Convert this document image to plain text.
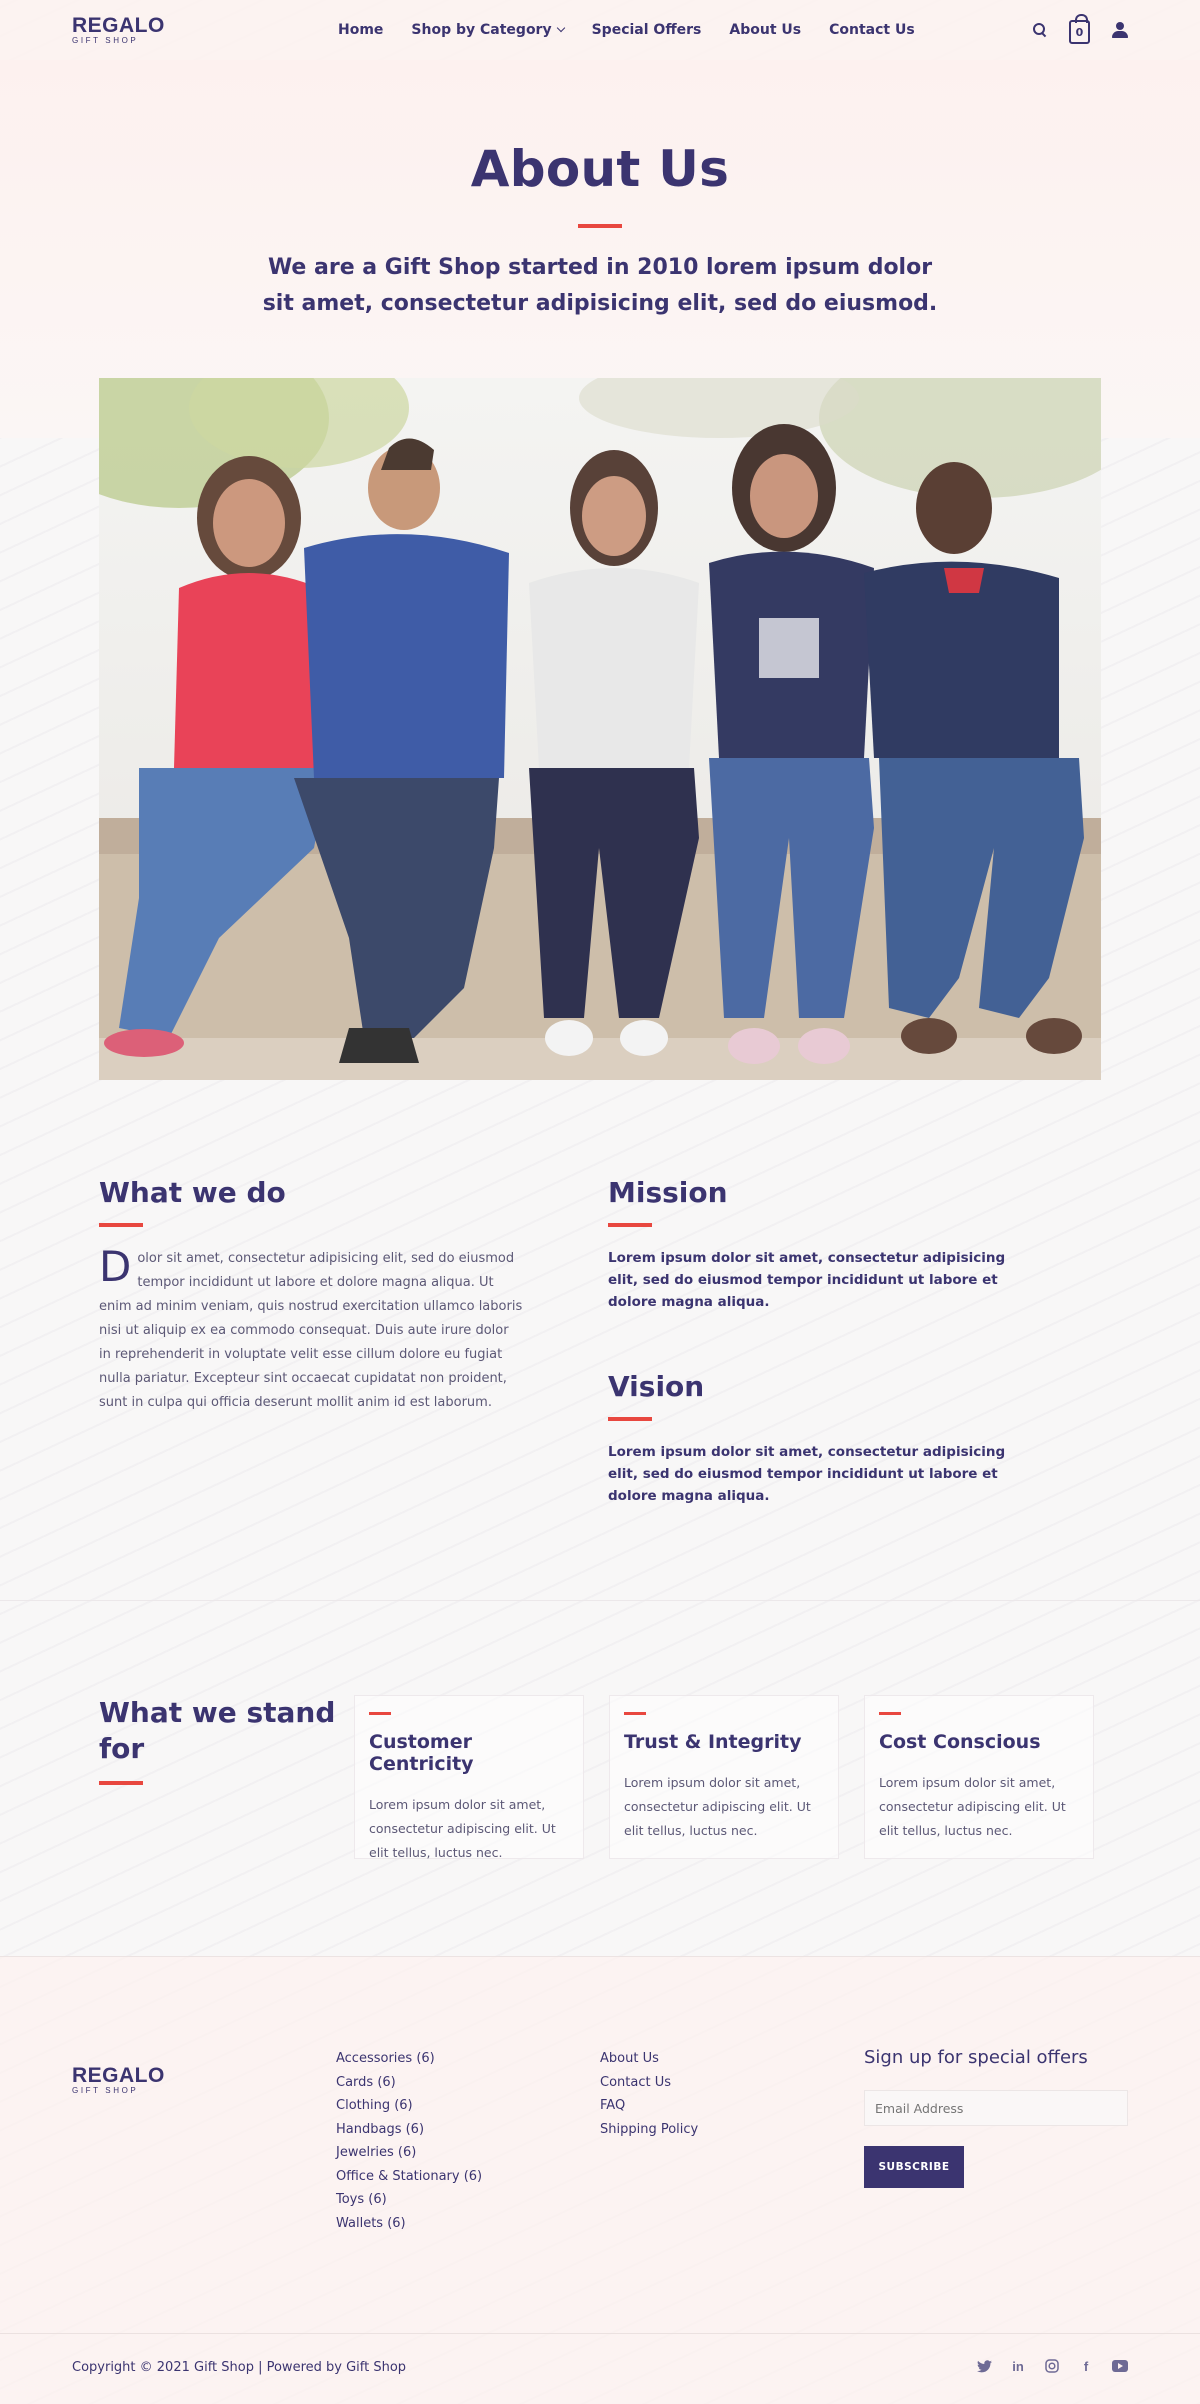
REGALO
GIFT SHOP
Home Shop by Category	Special Offers About Us Contact Us	0
About Us

We are a Gift Shop started in 2010 lorem ipsum dolor sit amet, consectetur adipisicing elit, sed do eiusmod.

What we do

Dolor sit amet, consectetur adipisicing elit, sed do eiusmod tempor incididunt ut labore et dolore magna aliqua. Ut enim ad minim veniam, quis nostrud exercitation ullamco laboris nisi ut aliquip ex ea commodo consequat. Duis aute irure dolor in reprehenderit in voluptate velit esse cillum dolore eu fugiat nulla pariatur. Excepteur sint occaecat cupidatat non proident, sunt in culpa qui officia deserunt mollit anim id est laborum.

Mission

Lorem ipsum dolor sit amet, consectetur adipisicing elit, sed do eiusmod tempor incididunt ut labore et dolore magna aliqua.

Vision

Lorem ipsum dolor sit amet, consectetur adipisicing elit, sed do eiusmod tempor incididunt ut labore et dolore magna aliqua.

What we stand for	Customer Centricity

Lorem ipsum dolor sit amet, consectetur adipiscing elit. Ut elit tellus, luctus nec.

Trust & Integrity

Lorem ipsum dolor sit amet, consectetur adipiscing elit. Ut elit tellus, luctus nec.

Cost Conscious

Lorem ipsum dolor sit amet, consectetur adipiscing elit. Ut elit tellus, luctus nec.

REGALO
GIFT SHOP
Accessories (6)
Cards (6)
Clothing (6)
Handbags (6)
Jewelries (6)
Office & Stationary (6)
Toys (6)
Wallets (6)
About Us
Contact Us
FAQ
Shipping Policy
Sign up for special offers
Email Address SUBSCRIBE
Copyright © 2021 Gift Shop | Powered by Gift Shop	in	f
